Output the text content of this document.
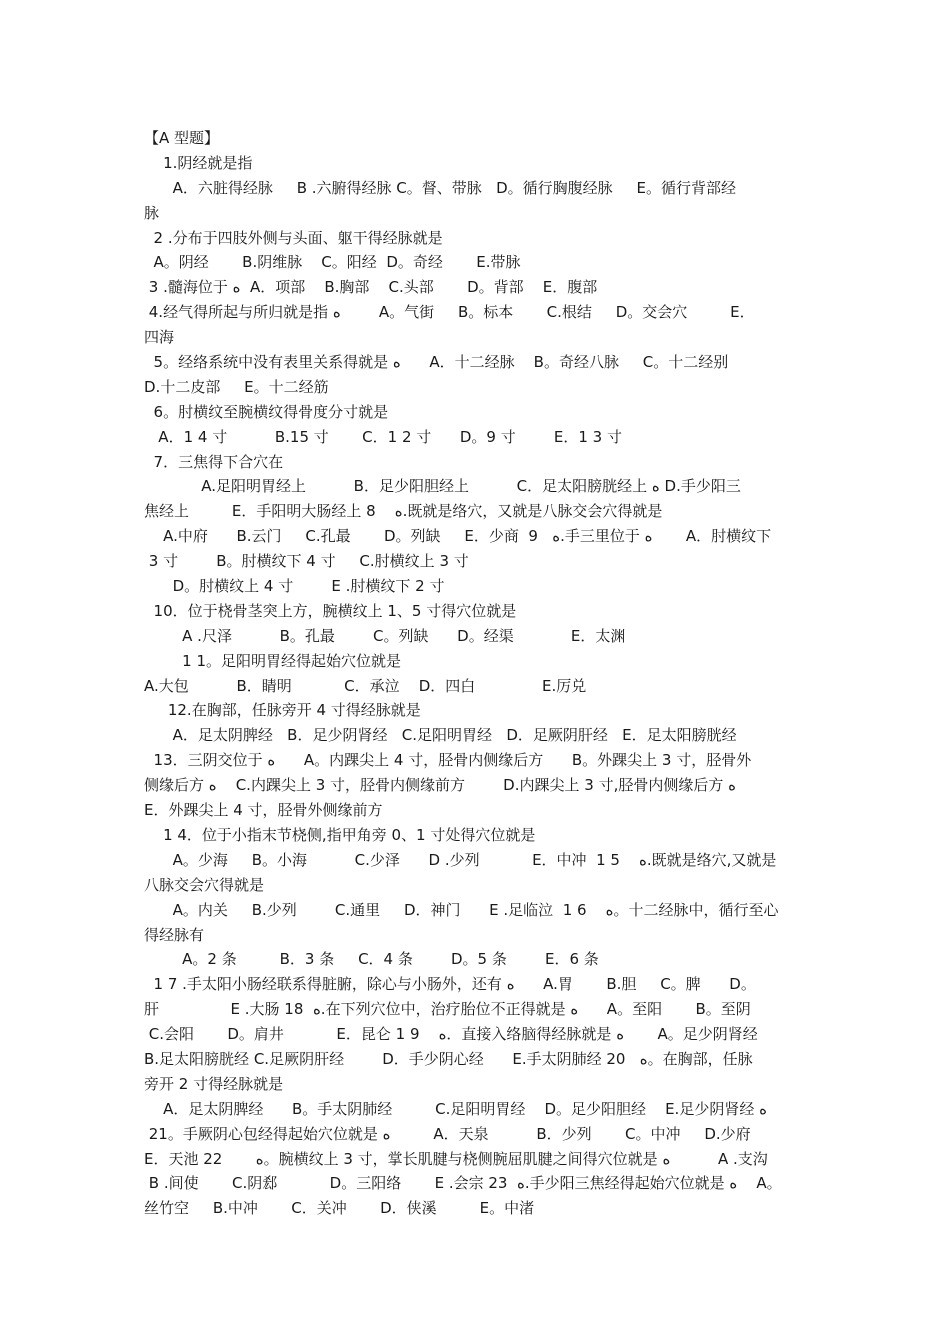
【A 型题】
1.阴经就是指
A．六脏得经脉     B .六腑得经脉 C。督、带脉   D。循行胸腹经脉     E。循行背部经
脉
2 .分布于四肢外侧与头面、躯干得经脉就是
A。阴经       B.阴维脉    C。阳经  D。奇经       E.带脉
3 .髓海位于 ﻩ  A．项部    B.胸部    C.头部       D。背部    E．腹部
4.经气得所起与所归就是指 ﻩ        A。气街     B。标本       C.根结     D。交会穴         E．
四海
5。经络系统中没有表里关系得就是 ﻩ      A．十二经脉    B。奇经八脉     C。十二经别
D.十二皮部     E。十二经筋
6。肘横纹至腕横纹得骨度分寸就是
A．1 4 寸          B.15 寸       C．1 2 寸      D。9 寸        E．1 3 寸
7．三焦得下合穴在
A.足阳明胃经上          B．足少阳胆经上          C．足太阳膀胱经上 ﻩ D.手少阳三
焦经上         E．手阳明大肠经上 8    ﻩ.既就是络穴，又就是八脉交会穴得就是
A.中府      B.云门     C.孔最       D。列缺     E．少商  9   ﻩ.手三里位于 ﻩ       A．肘横纹下
3 寸        B。肘横纹下 4 寸     C.肘横纹上 3 寸
D。肘横纹上 4 寸        E .肘横纹下 2 寸
10．位于桡骨茎突上方，腕横纹上 1、5 寸得穴位就是
A .尺泽          B。孔最        C。列缺      D。经渠            E．太渊
1 1。足阳明胃经得起始穴位就是
A.大包          B．睛明           C．承泣    D．四白              E.厉兑
12.在胸部，任脉旁开 4 寸得经脉就是
A．足太阴脾经   B．足少阴肾经   C.足阳明胃经   D．足厥阴肝经   E．足太阳膀胱经
13．三阴交位于 ﻩ      A。内踝尖上 4 寸，胫骨内侧缘后方      B。外踝尖上 3 寸，胫骨外
侧缘后方 ﻩ    C.内踝尖上 3 寸，胫骨内侧缘前方        D.内踝尖上 3 寸,胫骨内侧缘后方 ﻩ
E．外踝尖上 4 寸，胫骨外侧缘前方
1 4．位于小指末节桡侧,指甲角旁 0、1 寸处得穴位就是
A。少海     B。小海          C.少泽      D .少列           E．中冲  1 5    ﻩ.既就是络穴,又就是
八脉交会穴得就是
A。内关     B.少列        C.通里     D．神门      E .足临泣  1 6    ﻩ。十二经脉中，循行至心
得经脉有
A。2 条         B．3 条     C．4 条        D。5 条        E．6 条
1 7 .手太阳小肠经联系得脏腑，除心与小肠外，还有 ﻩ      A.胃       B.胆     C。脾      D。
肝               E .大肠 18  ﻩ.在下列穴位中，治疗胎位不正得就是 ﻩ      A。至阳       B。至阴
C.会阳       D。肩井           E．昆仑 1 9    ﻩ．直接入络脑得经脉就是 ﻩ       A。足少阴肾经
B.足太阳膀胱经 C.足厥阴肝经        D．手少阴心经      E.手太阴肺经 20   ﻩ。在胸部，任脉
旁开 2 寸得经脉就是
A．足太阴脾经      B。手太阴肺经         C.足阳明胃经    D。足少阳胆经    E.足少阴肾经 ﻩ
21。手厥阴心包经得起始穴位就是 ﻩ         A．天泉          B．少列       C。中冲     D.少府
E．天池 22       ﻩ。腕横纹上 3 寸，掌长肌腱与桡侧腕屈肌腱之间得穴位就是 ﻩ          A .支沟
B .间使       C.阴郄           D。三阳络       E .会宗 23  ﻩ.手少阳三焦经得起始穴位就是 ﻩ    A。
丝竹空     B.中冲       C．关冲       D．侠溪         E。中渚
